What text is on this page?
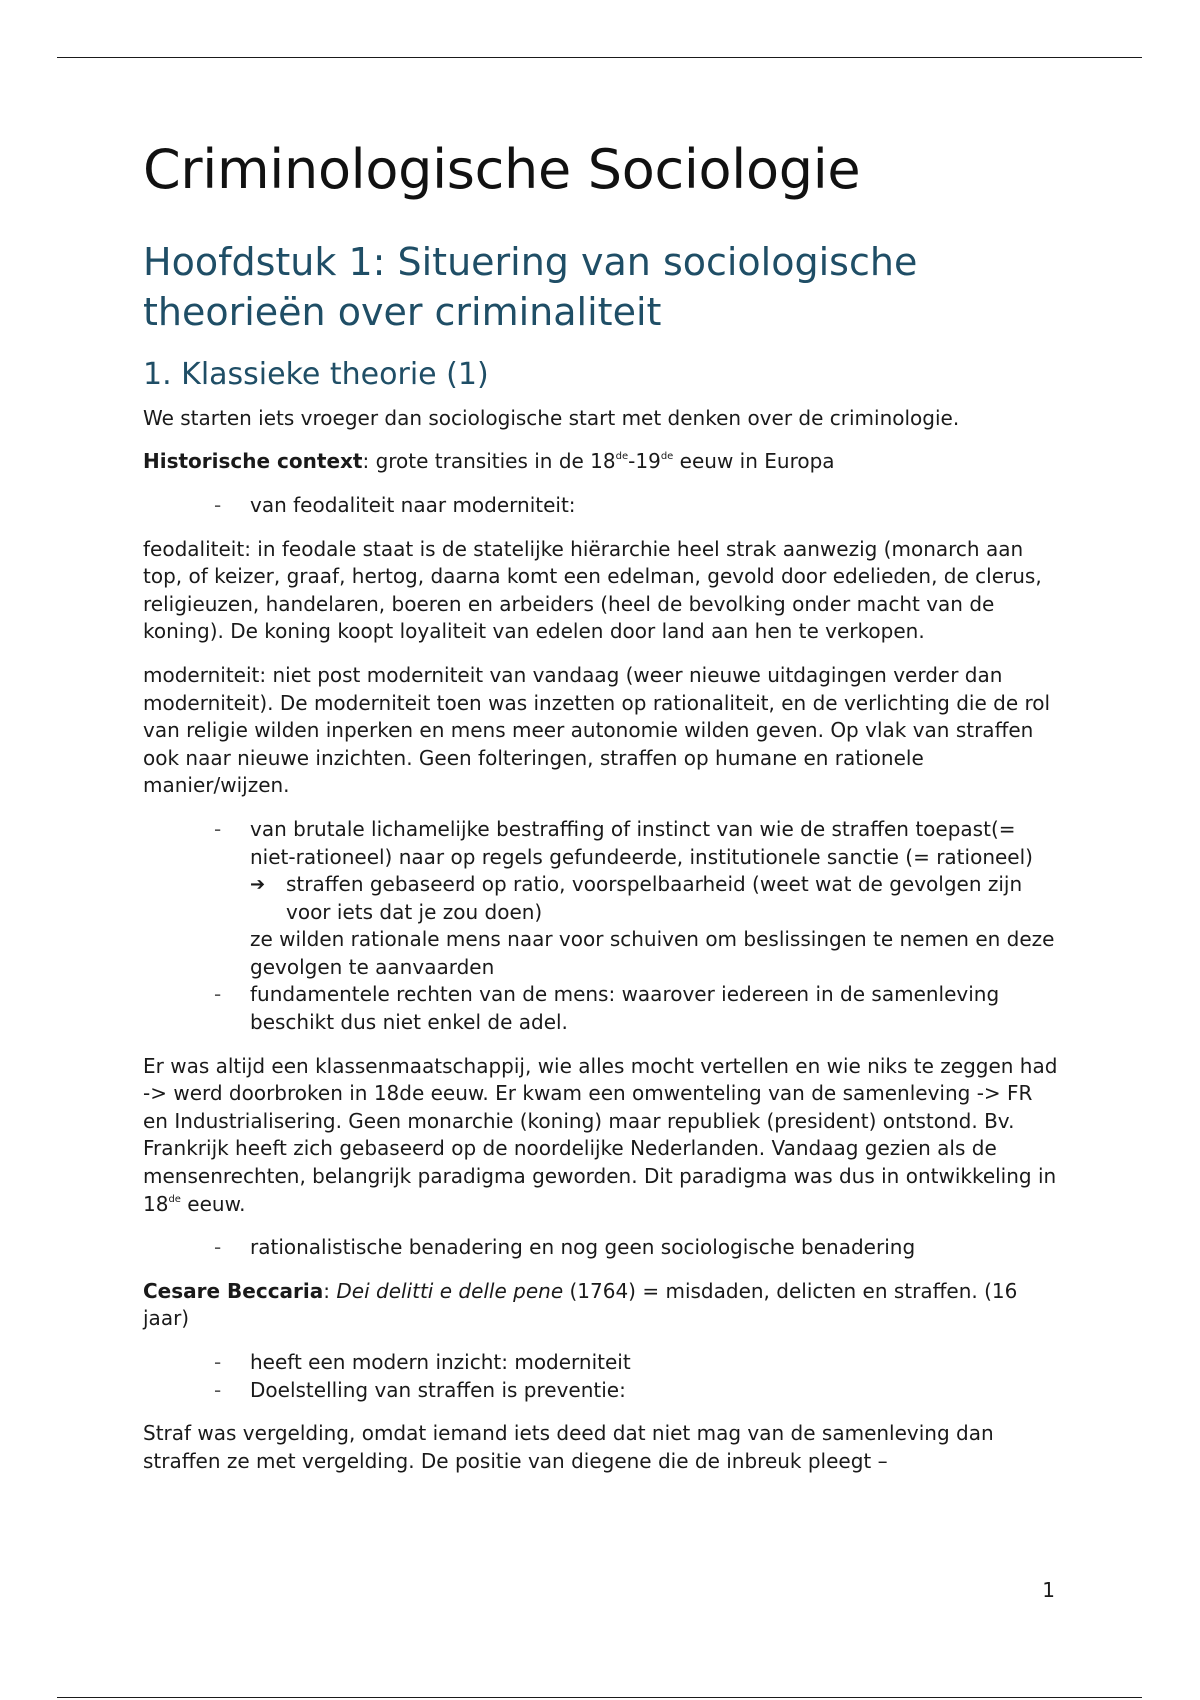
Criminologische Sociologie
Hoofdstuk 1: Situering van sociologische theorieën over criminaliteit
1. Klassieke theorie (1)

We starten iets vroeger dan sociologische start met denken over de criminologie.

Historische context: grote transities in de 18de-19de eeuw in Europa

- van feodaliteit naar moderniteit:

feodaliteit: in feodale staat is de statelijke hiërarchie heel strak aanwezig (monarch aan top, of keizer, graaf, hertog, daarna komt een edelman, gevold door edelieden, de clerus, religieuzen, handelaren, boeren en arbeiders (heel de bevolking onder macht van de koning). De koning koopt loyaliteit van edelen door land aan hen te verkopen.

moderniteit: niet post moderniteit van vandaag (weer nieuwe uitdagingen verder dan moderniteit). De moderniteit toen was inzetten op rationaliteit, en de verlichting die de rol van religie wilden inperken en mens meer autonomie wilden geven. Op vlak van straffen ook naar nieuwe inzichten. Geen folteringen, straffen op humane en rationele manier/wijzen.

- van brutale lichamelijke bestraffing of instinct van wie de straffen toepast(= niet-rationeel) naar op regels gefundeerde, institutionele sanctie (= rationeel)
➔ straffen gebaseerd op ratio, voorspelbaarheid (weet wat de gevolgen zijn voor iets dat je zou doen)
ze wilden rationale mens naar voor schuiven om beslissingen te nemen en deze gevolgen te aanvaarden
- fundamentele rechten van de mens: waarover iedereen in de samenleving beschikt dus niet enkel de adel.

Er was altijd een klassenmaatschappij, wie alles mocht vertellen en wie niks te zeggen had -> werd doorbroken in 18de eeuw. Er kwam een omwenteling van de samenleving -> FR en Industrialisering. Geen monarchie (koning) maar republiek (president) ontstond. Bv. Frankrijk heeft zich gebaseerd op de noordelijke Nederlanden. Vandaag gezien als de mensenrechten, belangrijk paradigma geworden. Dit paradigma was dus in ontwikkeling in 18de eeuw.

- rationalistische benadering en nog geen sociologische benadering

Cesare Beccaria: Dei delitti e delle pene (1764) = misdaden, delicten en straffen. (16 jaar)

- heeft een modern inzicht: moderniteit
- Doelstelling van straffen is preventie:

Straf was vergelding, omdat iemand iets deed dat niet mag van de samenleving dan straffen ze met vergelding. De positie van diegene die de inbreuk pleegt –

1
